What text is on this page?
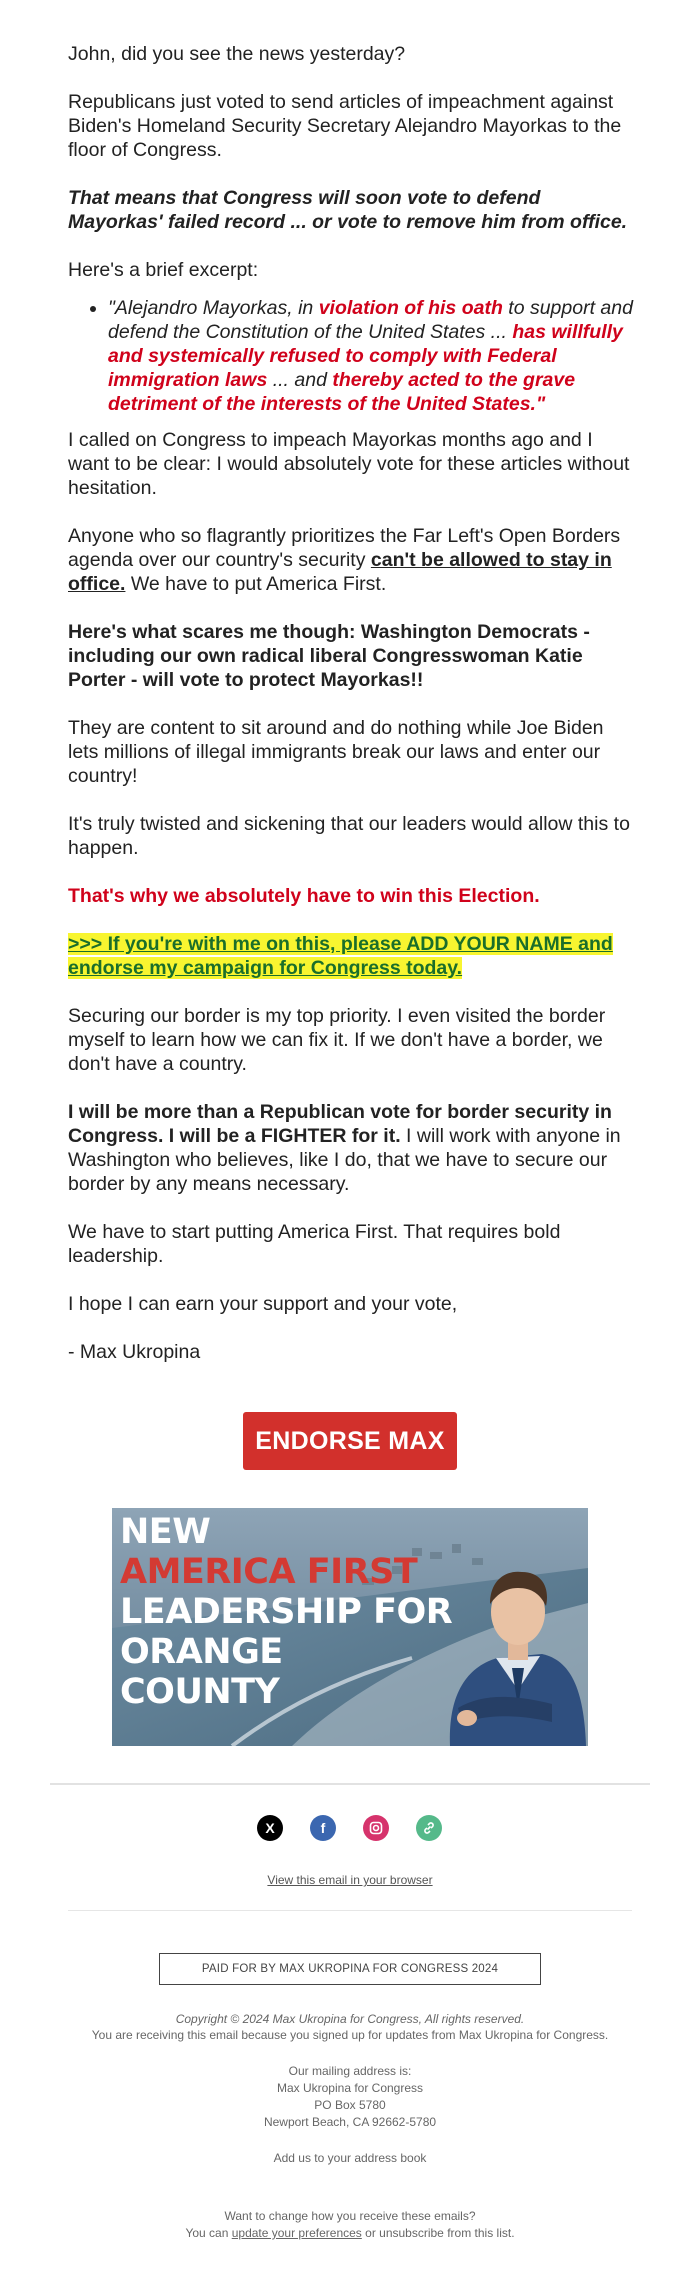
John, did you see the news yesterday?

Republicans just voted to send articles of impeachment against Biden's Homeland Security Secretary Alejandro Mayorkas to the floor of Congress.

That means that Congress will soon vote to defend Mayorkas' failed record ... or vote to remove him from office.

Here's a brief excerpt:

• "Alejandro Mayorkas, in violation of his oath to support and defend the Constitution of the United States ... has willfully and systemically refused to comply with Federal immigration laws ... and thereby acted to the grave detriment of the interests of the United States."

I called on Congress to impeach Mayorkas months ago and I want to be clear: I would absolutely vote for these articles without hesitation.

Anyone who so flagrantly prioritizes the Far Left's Open Borders agenda over our country's security can't be allowed to stay in office. We have to put America First.

Here's what scares me though: Washington Democrats - including our own radical liberal Congresswoman Katie Porter - will vote to protect Mayorkas!!

They are content to sit around and do nothing while Joe Biden lets millions of illegal immigrants break our laws and enter our country!

It's truly twisted and sickening that our leaders would allow this to happen.

That's why we absolutely have to win this Election.

>>> If you're with me on this, please ADD YOUR NAME and endorse my campaign for Congress today.

Securing our border is my top priority. I even visited the border myself to learn how we can fix it. If we don't have a border, we don't have a country.

I will be more than a Republican vote for border security in Congress. I will be a FIGHTER for it. I will work with anyone in Washington who believes, like I do, that we have to secure our border by any means necessary.

We have to start putting America First. That requires bold leadership.

I hope I can earn your support and your vote,

- Max Ukropina

ENDORSE MAX
NEW
AMERICA FIRST
LEADERSHIP FOR
ORANGE
COUNTY
X	f
View this email in your browser
PAID FOR BY MAX UKROPINA FOR CONGRESS 2024
Copyright © 2024 Max Ukropina for Congress, All rights reserved.
You are receiving this email because you signed up for updates from Max Ukropina for Congress.
Our mailing address is:
Max Ukropina for Congress
PO Box 5780
Newport Beach, CA 92662-5780
Add us to your address book
Want to change how you receive these emails?
You can update your preferences or unsubscribe from this list.
